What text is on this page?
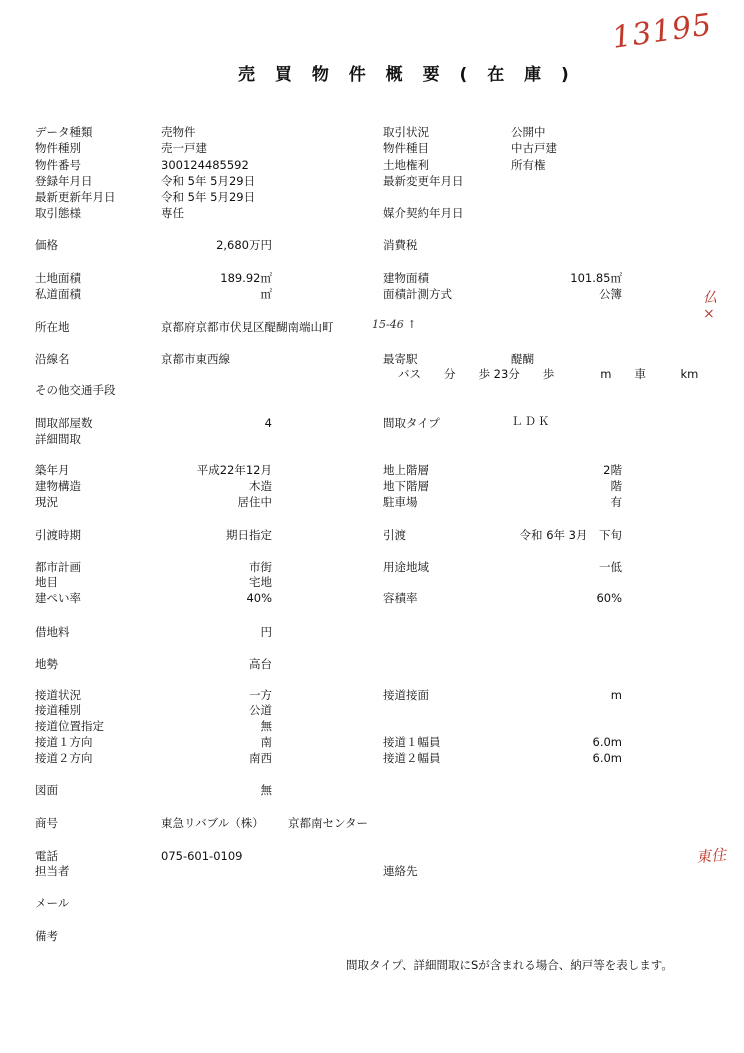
13195
仏
×
15-46 ↑
東住
売 買 物 件 概 要 ( 在 庫 )
データ種類	売物件
物件種別	売一戸建
物件番号	300124485592
登録年月日	令和 5年 5月29日
最新更新年月日	令和 5年 5月29日
取引態様	専任
価格	2,680万円
土地面積	189.92㎡
私道面積	㎡
所在地	京都府京都市伏見区醍醐南端山町
沿線名	京都市東西線
その他交通手段
間取部屋数	4
詳細間取
築年月	平成22年12月
建物構造	木造
現況	居住中
引渡時期	期日指定
都市計画	市街
地目	宅地
建ぺい率	40%
借地料	円
地勢	高台
接道状況	一方
接道種別	公道
接道位置指定	無
接道１方向	南
接道２方向	南西
図面	無
商号	東急リバブル（株） 京都南センター
電話	075-601-0109
担当者
メール
備考
取引状況	公開中
物件種目	中古戸建
土地権利	所有権
最新変更年月日
媒介契約年月日
消費税
建物面積	101.85㎡
面積計測方式	公簿
最寄駅	醍醐
バス　　分　　歩 23分　　歩　　　　m　　車　　　km
間取タイプ	ＬＤＫ
地上階層	2階
地下階層	階
駐車場	有
引渡	令和 6年 3月　下旬
用途地域	一低
容積率	60%
接道接面	m
接道１幅員	6.0m
接道２幅員	6.0m
連絡先
間取タイプ、詳細間取にSが含まれる場合、納戸等を表します。
